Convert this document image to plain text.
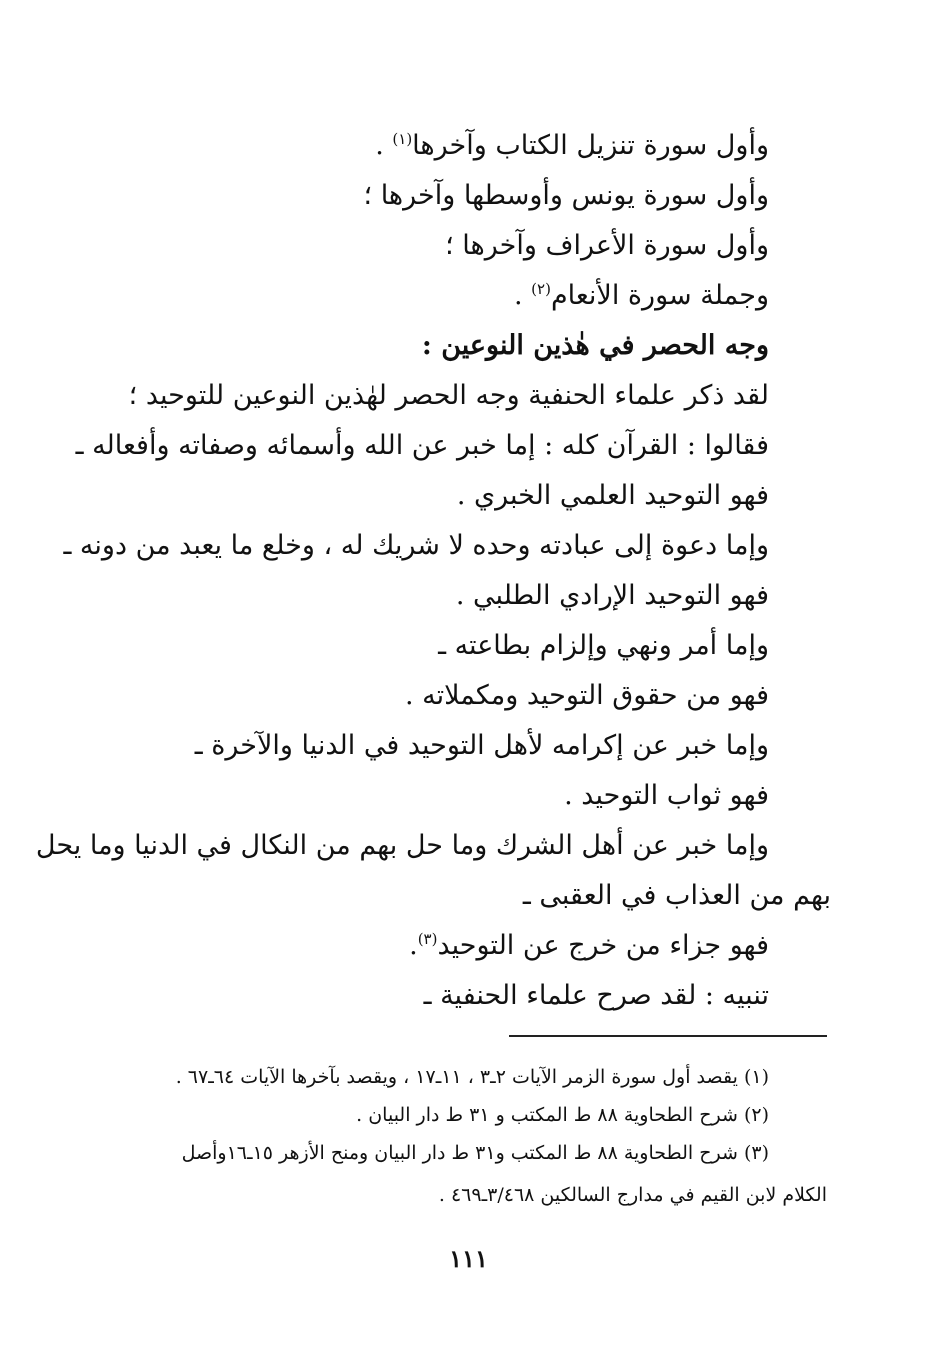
وأول سورة تنزيل الكتاب وآخرها$^{(١)}$ .
وأول سورة يونس وأوسطها وآخرها ؛
وأول سورة الأعراف وآخرها ؛
وجملة سورة الأنعام$^{(٢)}$ .
وجه الحصر في هٰذين النوعين :
لقد ذكر علماء الحنفية وجه الحصر لهٰذين النوعين للتوحيد ؛
فقالوا : القرآن كله : إما خبر عن الله وأسمائه وصفاته وأفعاله ـ
فهو التوحيد العلمي الخبري .
وإما دعوة إلى عبادته وحده لا شريك له ، وخلع ما يعبد من دونه ـ
فهو التوحيد الإرادي الطلبي .
وإما أمر ونهي وإلزام بطاعته ـ
فهو من حقوق التوحيد ومكملاته .
وإما خبر عن إكرامه لأهل التوحيد في الدنيا والآخرة ـ
فهو ثواب التوحيد .
وإما خبر عن أهل الشرك وما حل بهم من النكال في الدنيا وما يحل
بهم من العذاب في العقبى ـ
فهو جزاء من خرج عن التوحيد$^{(٣)}$.
تنبيه : لقد صرح علماء الحنفية ـ
(١) يقصد أول سورة الزمر الآيات ٢ـ٣ ، ١١ـ١٧ ، ويقصد بآخرها الآيات ٦٤ـ٦٧ .
(٢) شرح الطحاوية ٨٨ ط المكتب و ٣١ ط دار البيان .
(٣) شرح الطحاوية ٨٨ ط المكتب و٣١ ط دار البيان ومنح الأزهر ١٥ـ١٦وأصل
الكلام لابن القيم في مدارج السالكين ٣/٤٦٨ـ٤٦٩ .
١١١
